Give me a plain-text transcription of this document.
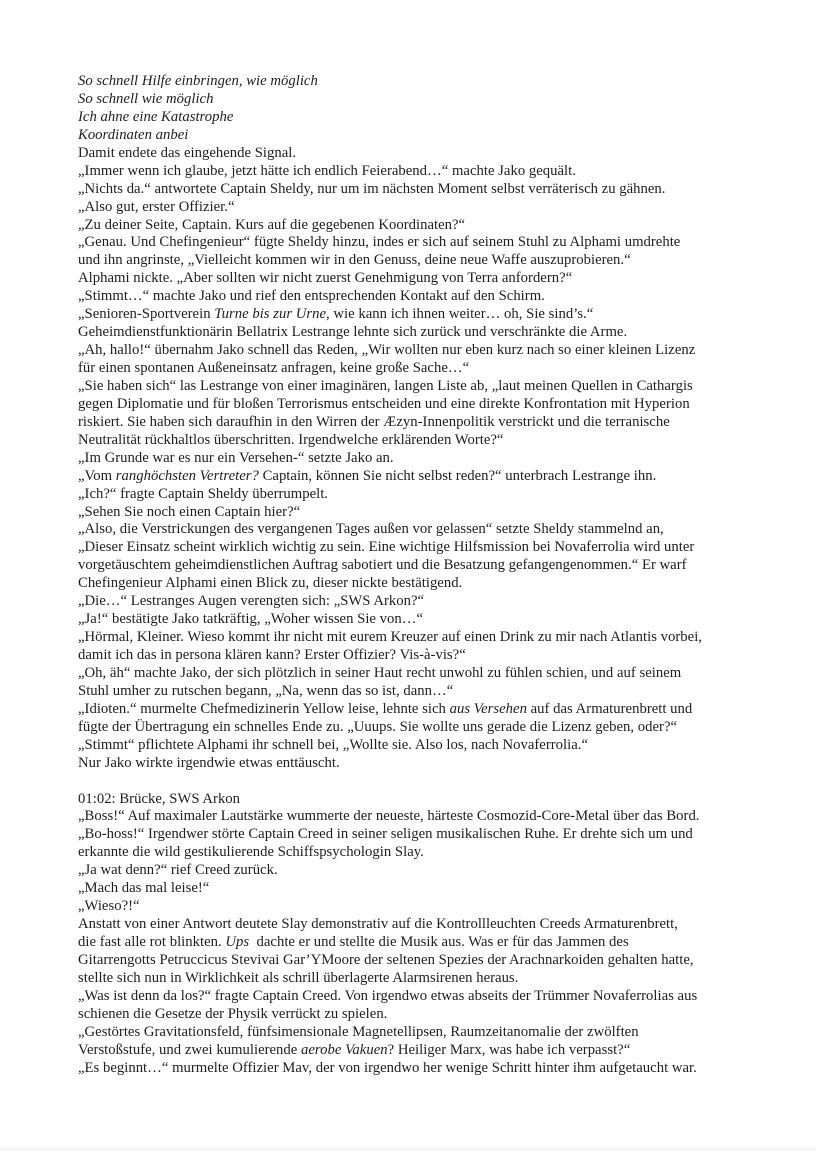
So schnell Hilfe einbringen, wie möglich
So schnell wie möglich
Ich ahne eine Katastrophe
Koordinaten anbei
Damit endete das eingehende Signal.
„Immer wenn ich glaube, jetzt hätte ich endlich Feierabend…“ machte Jako gequält.
„Nichts da.“ antwortete Captain Sheldy, nur um im nächsten Moment selbst verräterisch zu gähnen.
„Also gut, erster Offizier.“
„Zu deiner Seite, Captain. Kurs auf die gegebenen Koordinaten?“
„Genau. Und Chefingenieur“ fügte Sheldy hinzu, indes er sich auf seinem Stuhl zu Alphami umdrehte
und ihn angrinste, „Vielleicht kommen wir in den Genuss, deine neue Waffe auszuprobieren.“
Alphami nickte. „Aber sollten wir nicht zuerst Genehmigung von Terra anfordern?“
„Stimmt…“ machte Jako und rief den entsprechenden Kontakt auf den Schirm.
„Senioren-Sportverein Turne bis zur Urne, wie kann ich ihnen weiter… oh, Sie sind’s.“
Geheimdienstfunktionärin Bellatrix Lestrange lehnte sich zurück und verschränkte die Arme.
„Ah, hallo!“ übernahm Jako schnell das Reden, „Wir wollten nur eben kurz nach so einer kleinen Lizenz
für einen spontanen Außeneinsatz anfragen, keine große Sache…“
„Sie haben sich“ las Lestrange von einer imaginären, langen Liste ab, „laut meinen Quellen in Cathargis
gegen Diplomatie und für bloßen Terrorismus entscheiden und eine direkte Konfrontation mit Hyperion
riskiert. Sie haben sich daraufhin in den Wirren der Æzyn-Innenpolitik verstrickt und die terranische
Neutralität rückhaltlos überschritten. Irgendwelche erklärenden Worte?“
„Im Grunde war es nur ein Versehen-“ setzte Jako an.
„Vom ranghöchsten Vertreter? Captain, können Sie nicht selbst reden?“ unterbrach Lestrange ihn.
„Ich?“ fragte Captain Sheldy überrumpelt.
„Sehen Sie noch einen Captain hier?“
„Also, die Verstrickungen des vergangenen Tages außen vor gelassen“ setzte Sheldy stammelnd an,
„Dieser Einsatz scheint wirklich wichtig zu sein. Eine wichtige Hilfsmission bei Novaferrolia wird unter
vorgetäuschtem geheimdienstlichen Auftrag sabotiert und die Besatzung gefangengenommen.“ Er warf
Chefingenieur Alphami einen Blick zu, dieser nickte bestätigend.
„Die…“ Lestranges Augen verengten sich: „SWS Arkon?“
„Ja!“ bestätigte Jako tatkräftig, „Woher wissen Sie von…“
„Hörmal, Kleiner. Wieso kommt ihr nicht mit eurem Kreuzer auf einen Drink zu mir nach Atlantis vorbei,
damit ich das in persona klären kann? Erster Offizier? Vis-à-vis?“
„Oh, äh“ machte Jako, der sich plötzlich in seiner Haut recht unwohl zu fühlen schien, und auf seinem
Stuhl umher zu rutschen begann, „Na, wenn das so ist, dann…“
„Idioten.“ murmelte Chefmedizinerin Yellow leise, lehnte sich aus Versehen auf das Armaturenbrett und
fügte der Übertragung ein schnelles Ende zu. „Uuups. Sie wollte uns gerade die Lizenz geben, oder?“
„Stimmt“ pflichtete Alphami ihr schnell bei, „Wollte sie. Also los, nach Novaferrolia.“
Nur Jako wirkte irgendwie etwas enttäuscht.

01:02: Brücke, SWS Arkon
„Boss!“ Auf maximaler Lautstärke wummerte der neueste, härteste Cosmozid-Core-Metal über das Bord.
„Bo-hoss!“ Irgendwer störte Captain Creed in seiner seligen musikalischen Ruhe. Er drehte sich um und
erkannte die wild gestikulierende Schiffspsychologin Slay.
„Ja wat denn?“ rief Creed zurück.
„Mach das mal leise!“
„Wieso?!“
Anstatt von einer Antwort deutete Slay demonstrativ auf die Kontrollleuchten Creeds Armaturenbrett,
die fast alle rot blinkten. Ups  dachte er und stellte die Musik aus. Was er für das Jammen des
Gitarrengotts Petruccicus Stevivai Gar’YMoore der seltenen Spezies der Arachnarkoiden gehalten hatte,
stellte sich nun in Wirklichkeit als schrill überlagerte Alarmsirenen heraus.
„Was ist denn da los?“ fragte Captain Creed. Von irgendwo etwas abseits der Trümmer Novaferrolias aus
schienen die Gesetze der Physik verrückt zu spielen.
„Gestörtes Gravitationsfeld, fünfsimensionale Magnetellipsen, Raumzeitanomalie der zwölften
Verstoßstufe, und zwei kumulierende aerobe Vakuen? Heiliger Marx, was habe ich verpasst?“
„Es beginnt…“ murmelte Offizier Mav, der von irgendwo her wenige Schritt hinter ihm aufgetaucht war.
